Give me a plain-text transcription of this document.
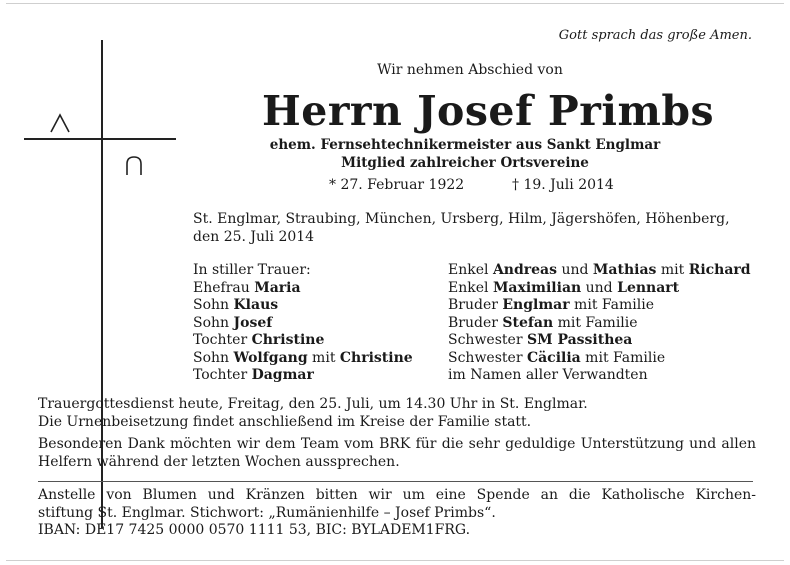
Gott sprach das große Amen.
Wir nehmen Abschied von
Herrn Josef Primbs
ehem. Fernsehtechnikermeister aus Sankt Englmar
Mitglied zahlreicher Ortsvereine
* 27. Februar 1922	† 19. Juli 2014
St. Englmar, Straubing, München, Ursberg, Hilm, Jägershöfen, Höhenberg,
den 25. Juli 2014
In stiller Trauer:
Ehefrau Maria
Sohn Klaus
Sohn Josef
Tochter Christine
Sohn Wolfgang mit Christine
Tochter Dagmar
Enkel Andreas und Mathias mit Richard
Enkel Maximilian und Lennart
Bruder Englmar mit Familie
Bruder Stefan mit Familie
Schwester SM Passithea
Schwester Cäcilia mit Familie
im Namen aller Verwandten
Trauergottesdienst heute, Freitag, den 25. Juli, um 14.30 Uhr in St. Englmar.
Die Urnenbeisetzung findet anschließend im Kreise der Familie statt.
Besonderen Dank möchten wir dem Team vom BRK für die sehr geduldige Unterstützung und allen Helfern während der letzten Wochen aussprechen.
Anstelle von Blumen und Kränzen bitten wir um eine Spende an die Katholische Kirchen-
stiftung St. Englmar. Stichwort: „Rumänienhilfe – Josef Primbs“.
IBAN: DE17 7425 0000 0570 1111 53, BIC: BYLADEM1FRG.
